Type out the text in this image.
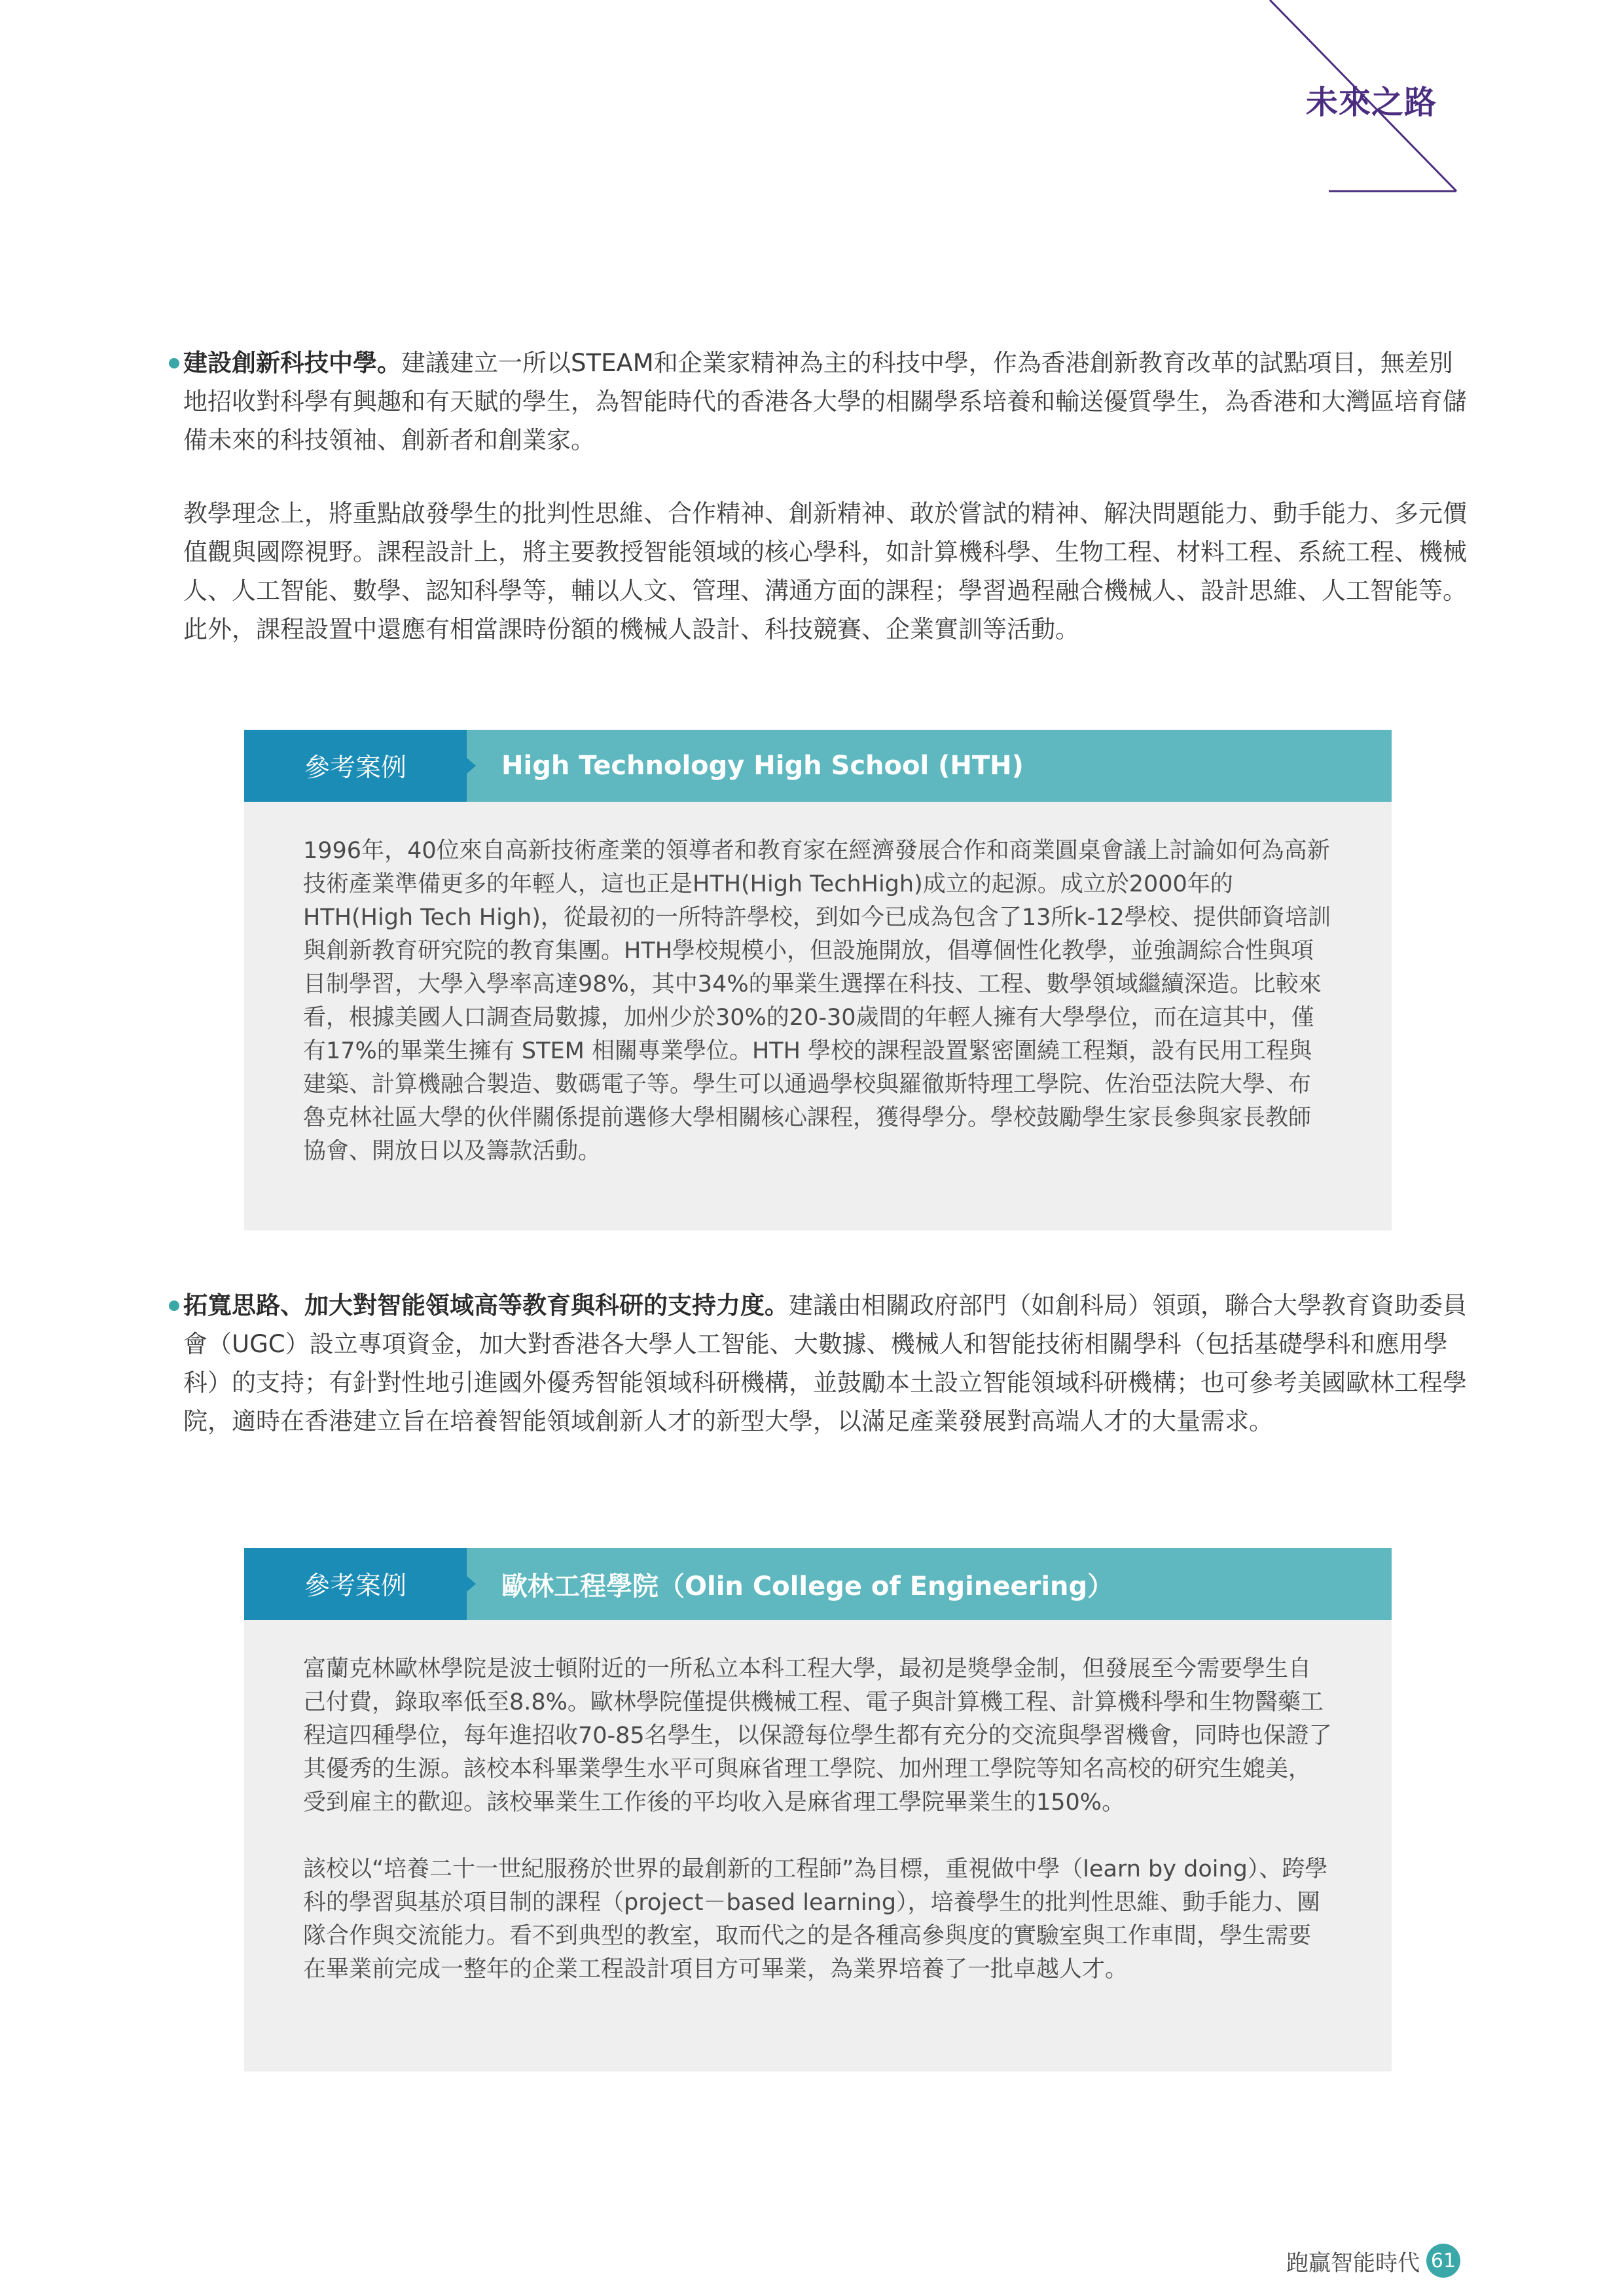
未來之路
建設創新科技中學。建議建立一所以STEAM和企業家精神為主的科技中學，作為香港創新教育改革的試點項目，無差別地招收對科學有興趣和有天賦的學生，為智能時代的香港各大學的相關學系培養和輸送優質學生，為香港和大灣區培育儲備未來的科技領袖、創新者和創業家。
教學理念上，將重點啟發學生的批判性思維、合作精神、創新精神、敢於嘗試的精神、解決問題能力、動手能力、多元價值觀與國際視野。課程設計上，將主要教授智能領域的核心學科，如計算機科學、生物工程、材料工程、系統工程、機械人、人工智能、數學、認知科學等，輔以人文、管理、溝通方面的課程；學習過程融合機械人、設計思維、人工智能等。此外，課程設置中還應有相當課時份額的機械人設計、科技競賽、企業實訓等活動。
參考案例	High Technology High School (HTH)

1996年，40位來自高新技術產業的領導者和教育家在經濟發展合作和商業圓桌會議上討論如何為高新技術產業準備更多的年輕人，這也正是HTH(High TechHigh)成立的起源。成立於2000年的HTH(High Tech High)，從最初的一所特許學校，到如今已成為包含了13所k-12學校、提供師資培訓與創新教育研究院的教育集團。HTH學校規模小，但設施開放，倡導個性化教學，並強調綜合性與項目制學習，大學入學率高達98%，其中34%的畢業生選擇在科技、工程、數學領域繼續深造。比較來看，根據美國人口調查局數據，加州少於30%的20-30歲間的年輕人擁有大學學位，而在這其中，僅有17%的畢業生擁有 STEM 相關專業學位。HTH 學校的課程設置緊密圍繞工程類，設有民用工程與建築、計算機融合製造、數碼電子等。學生可以通過學校與羅徹斯特理工學院、佐治亞法院大學、布魯克林社區大學的伙伴關係提前選修大學相關核心課程，獲得學分。學校鼓勵學生家長參與家長教師協會、開放日以及籌款活動。

拓寬思路、加大對智能領域高等教育與科研的支持力度。建議由相關政府部門（如創科局）領頭，聯合大學教育資助委員會（UGC）設立專項資金，加大對香港各大學人工智能、大數據、機械人和智能技術相關學科（包括基礎學科和應用學科）的支持；有針對性地引進國外優秀智能領域科研機構，並鼓勵本土設立智能領域科研機構；也可參考美國歐林工程學院，適時在香港建立旨在培養智能領域創新人才的新型大學，以滿足產業發展對高端人才的大量需求。
參考案例	歐林工程學院（Olin College of Engineering）

富蘭克林歐林學院是波士頓附近的一所私立本科工程大學，最初是獎學金制，但發展至今需要學生自己付費，錄取率低至8.8%。歐林學院僅提供機械工程、電子與計算機工程、計算機科學和生物醫藥工程這四種學位，每年進招收70-85名學生，以保證每位學生都有充分的交流與學習機會，同時也保證了其優秀的生源。該校本科畢業學生水平可與麻省理工學院、加州理工學院等知名高校的研究生媲美，受到雇主的歡迎。該校畢業生工作後的平均收入是麻省理工學院畢業生的150%。

該校以“培養二十一世紀服務於世界的最創新的工程師”為目標，重視做中學（learn by doing）、跨學科的學習與基於項目制的課程（project－based learning），培養學生的批判性思維、動手能力、團隊合作與交流能力。看不到典型的教室，取而代之的是各種高參與度的實驗室與工作車間，學生需要在畢業前完成一整年的企業工程設計項目方可畢業，為業界培養了一批卓越人才。

跑贏智能時代 61
